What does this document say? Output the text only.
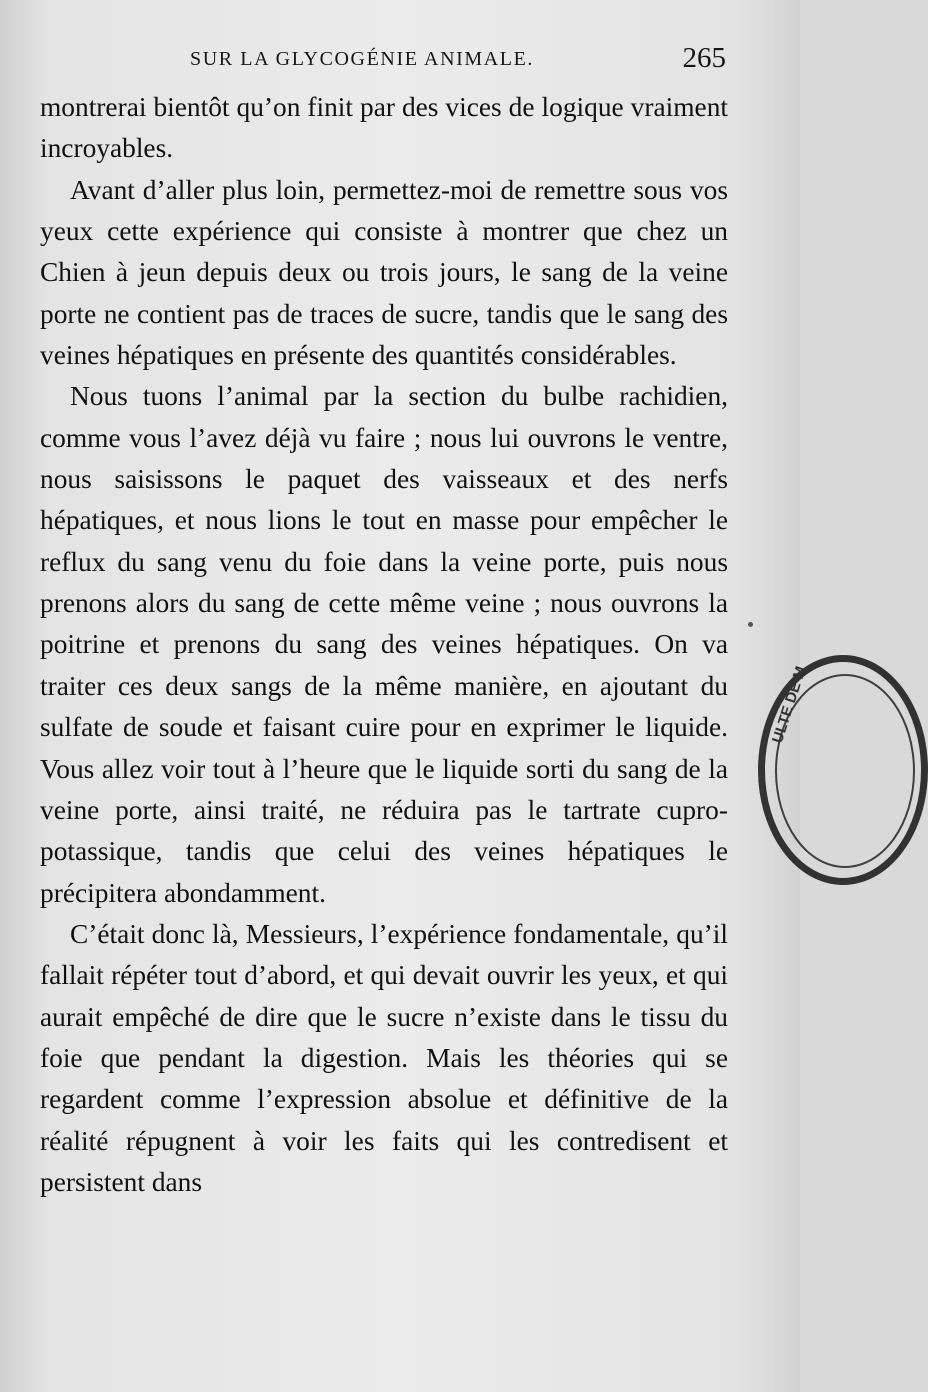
SUR LA GLYCOGÉNIE ANIMALE.	265

montrerai bientôt qu’on finit par des vices de logique vraiment incroyables.

Avant d’aller plus loin, permettez-moi de remettre sous vos yeux cette expérience qui consiste à montrer que chez un Chien à jeun depuis deux ou trois jours, le sang de la veine porte ne contient pas de traces de sucre, tandis que le sang des veines hépatiques en présente des quantités considérables.

Nous tuons l’animal par la section du bulbe rachidien, comme vous l’avez déjà vu faire ; nous lui ouvrons le ventre, nous saisissons le paquet des vaisseaux et des nerfs hépatiques, et nous lions le tout en masse pour empêcher le reflux du sang venu du foie dans la veine porte, puis nous prenons alors du sang de cette même veine ; nous ouvrons la poitrine et prenons du sang des veines hépatiques. On va traiter ces deux sangs de la même manière, en ajoutant du sulfate de soude et faisant cuire pour en exprimer le liquide. Vous allez voir tout à l’heure que le liquide sorti du sang de la veine porte, ainsi traité, ne réduira pas le tartrate cupro-potassique, tandis que celui des veines hépatiques le précipitera abondamment.

C’était donc là, Messieurs, l’expérience fondamentale, qu’il fallait répéter tout d’abord, et qui devait ouvrir les yeux, et qui aurait empêché de dire que le sucre n’existe dans le tissu du foie que pendant la digestion. Mais les théories qui se regardent comme l’expression absolue et définitive de la réalité répugnent à voir les faits qui les contredisent et persistent dans

ULTE DE M
